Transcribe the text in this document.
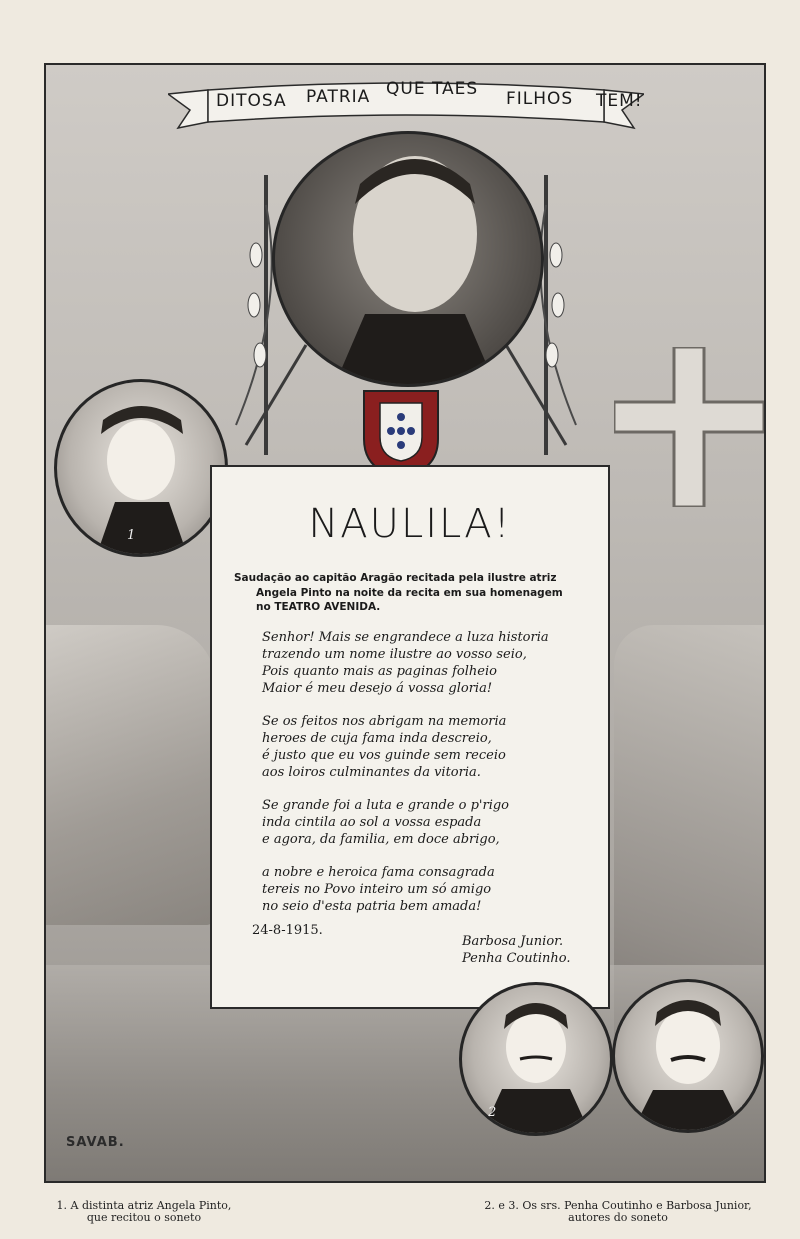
DITOSA PATRIA QUE TAES FILHOS TEM!
1	NAULILA!
Saudação ao capitão Aragão recitada pela ilustre atriz
Angela Pinto na noite da recita em sua homenagem
no TEATRO AVENIDA.
Senhor! Mais se engrandece a luza historia
trazendo um nome ilustre ao vosso seio,
Pois quanto mais as paginas folheio
Maior é meu desejo á vossa gloria!
Se os feitos nos abrigam na memoria
heroes de cuja fama inda descreio,
é justo que eu vos guinde sem receio
aos loiros culminantes da vitoria.
Se grande foi a luta e grande o p'rigo
inda cintila ao sol a vossa espada
e agora, da familia, em doce abrigo,
a nobre e heroica fama consagrada
tereis no Povo inteiro um só amigo
no seio d'esta patria bem amada!
24-8-1915.
Barbosa Junior.
Penha Coutinho.
2	3
SAVAB.
1. A distinta atriz Angela Pinto,
que recitou o soneto
2. e 3. Os srs. Penha Coutinho e Barbosa Junior,
autores do soneto
